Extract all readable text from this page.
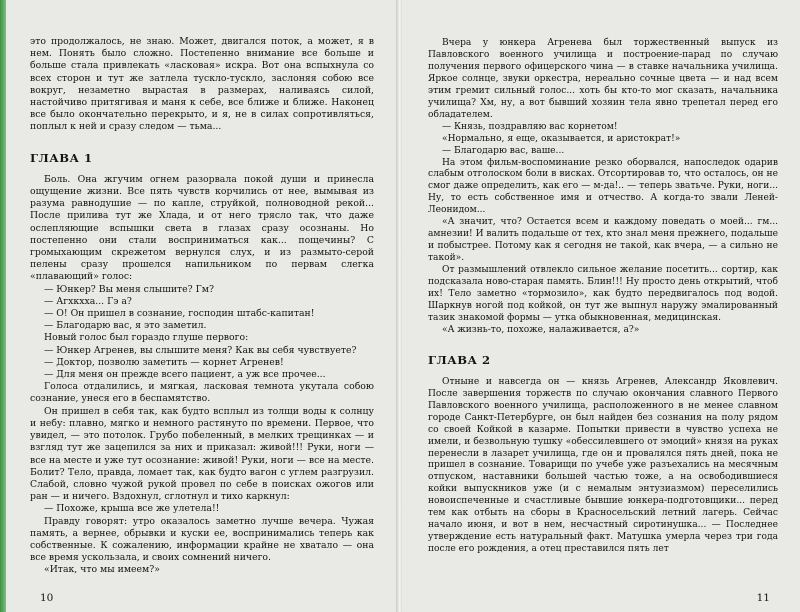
это продолжалось, не знаю. Может, двигался поток, а может, я в нем. Понять было сложно. Постепенно внимание все больше и больше стала привлекать «ласковая» искра. Вот она вспыхнула со всех сторон и тут же затлела тускло-тускло, заслоняя собою все вокруг, незаметно вырастая в размерах, наливаясь силой, настойчиво притягивая и маня к себе, все ближе и ближе. Наконец все было окончательно перекрыто, и я, не в силах сопротивляться, поплыл к ней и сразу следом — тьма...

ГЛАВА 1

Боль. Она жгучим огнем разорвала покой души и принесла ощущение жизни. Все пять чувств корчились от нее, вымывая из разума равнодушие — по капле, струйкой, полноводной рекой... После прилива тут же Хлада, и от него трясло так, что даже ослепляющие вспышки света в глазах сразу осознаны. Но постепенно они стали восприниматься как... пощечины? С громыхающим скрежетом вернулся слух, и из размыто-серой пелены сразу прошелся напильником по первам слегка «плавающий» голос:

— Юнкер? Вы меня слышите? Гм?

— Агхкхха... Гэ а?

— О! Он пришел в сознание, господин штабс-капитан!

— Благодарю вас, я это заметил.

Новый голос был гораздо глуше первого:

— Юнкер Агренев, вы слышите меня? Как вы себя чувствуете?

— Доктор, позволю заметить — корнет Агренев!

— Для меня он прежде всего пациент, а уж все прочее...

Голоса отдалились, и мягкая, ласковая темнота укутала собою сознание, унеся его в беспамятство.

Он пришел в себя так, как будто всплыл из толщи воды к солнцу и небу: плавно, мягко и немного растянуто по времени. Первое, что увидел, — это потолок. Грубо побеленный, в мелких трещинках — и взгляд тут же зацепился за них и приказал: живой!!! Руки, ноги — все на месте и уже тут осознание: живой! Руки, ноги — все на месте. Болит? Тело, правда, ломает так, как будто вагон с углем разгрузил. Слабой, словно чужой рукой провел по себе в поисках ожогов или ран — и ничего. Вздохнул, сглотнул и тихо каркнул:

— Похоже, крыша все же улетела!!

Правду говорят: утро оказалось заметно лучше вечера. Чужая память, а вернее, обрывки и куски ее, воспринимались теперь как собственные. К сожалению, информации крайне не хватало — она все время ускользала, и своих сомнений ничего.

«Итак, что мы имеем?»

10

Вчера у юнкера Агренева был торжественный выпуск из Павловского военного училища и построение-парад по случаю получения первого офицерского чина — в ставке начальника училища. Яркое солнце, звуки оркестра, нереально сочные цвета — и над всем этим гремит сильный голос... хоть бы кто-то мог сказать, начальника училища? Хм, ну, а вот бывший хозяин тела явно трепетал перед его обладателем.

— Князь, поздравляю вас корнетом!

«Нормально, я еще, оказывается, и аристократ!»

— Благодарю вас, ваше...

На этом фильм-воспоминание резко оборвался, напоследок одарив слабым отголоском боли в висках. Отсортировав то, что осталось, он не смог даже определить, как его — м-да!.. — теперь зватьче. Руки, ноги... Ну, то есть собственное имя и отчество. А когда-то звали Леней-Леонидом...

«А значит, что? Остается всем и каждому поведать о моей... гм... амнезии! И валить подальше от тех, кто знал меня прежнего, подальше и побыстрее. Потому как я сегодня не такой, как вчера, — а сильно не такой».

От размышлений отвлекло сильное желание посетить... сортир, как подсказала ново-старая память. Блин!!! Ну просто день открытий, чтоб их! Тело заметно «тормозило», как будто передвигалось под водой. Шаркнув ногой под койкой, он тут же выпнул наружу эмалированный тазик знакомой формы — утка обыкновенная, медицинская.

«А жизнь-то, похоже, налаживается, а?»

ГЛАВА 2

Отныне и навсегда он — князь Агренев, Александр Яковлевич. После завершения торжеств по случаю окончания славного Первого Павловского военного училища, расположенного в не менее славном городе Санкт-Петербурге, он был найден без сознания на полу рядом со своей Койкой в казарме. Попытки привести в чувство успеха не имели, и безвольную тушку «обессилевшего от эмоций» князя на руках перенесли в лазарет училища, где он и провалялся пять дней, пока не пришел в сознание. Товарищи по учебе уже разъехались на месячным отпуском, наставники большей частью тоже, а на освободившиеся койки выпускников уже (и с немалым энтузиазмом) переселились новоиспеченные и счастливые бывшие юнкера-подготовщики... перед тем как отбыть на сборы в Красносельский летний лагерь. Сейчас начало июня, и вот в нем, несчастный сиротинушка... — Последнее утверждение есть натуральный факт. Матушка умерла через три года после его рождения, а отец преставился пять лет

11
